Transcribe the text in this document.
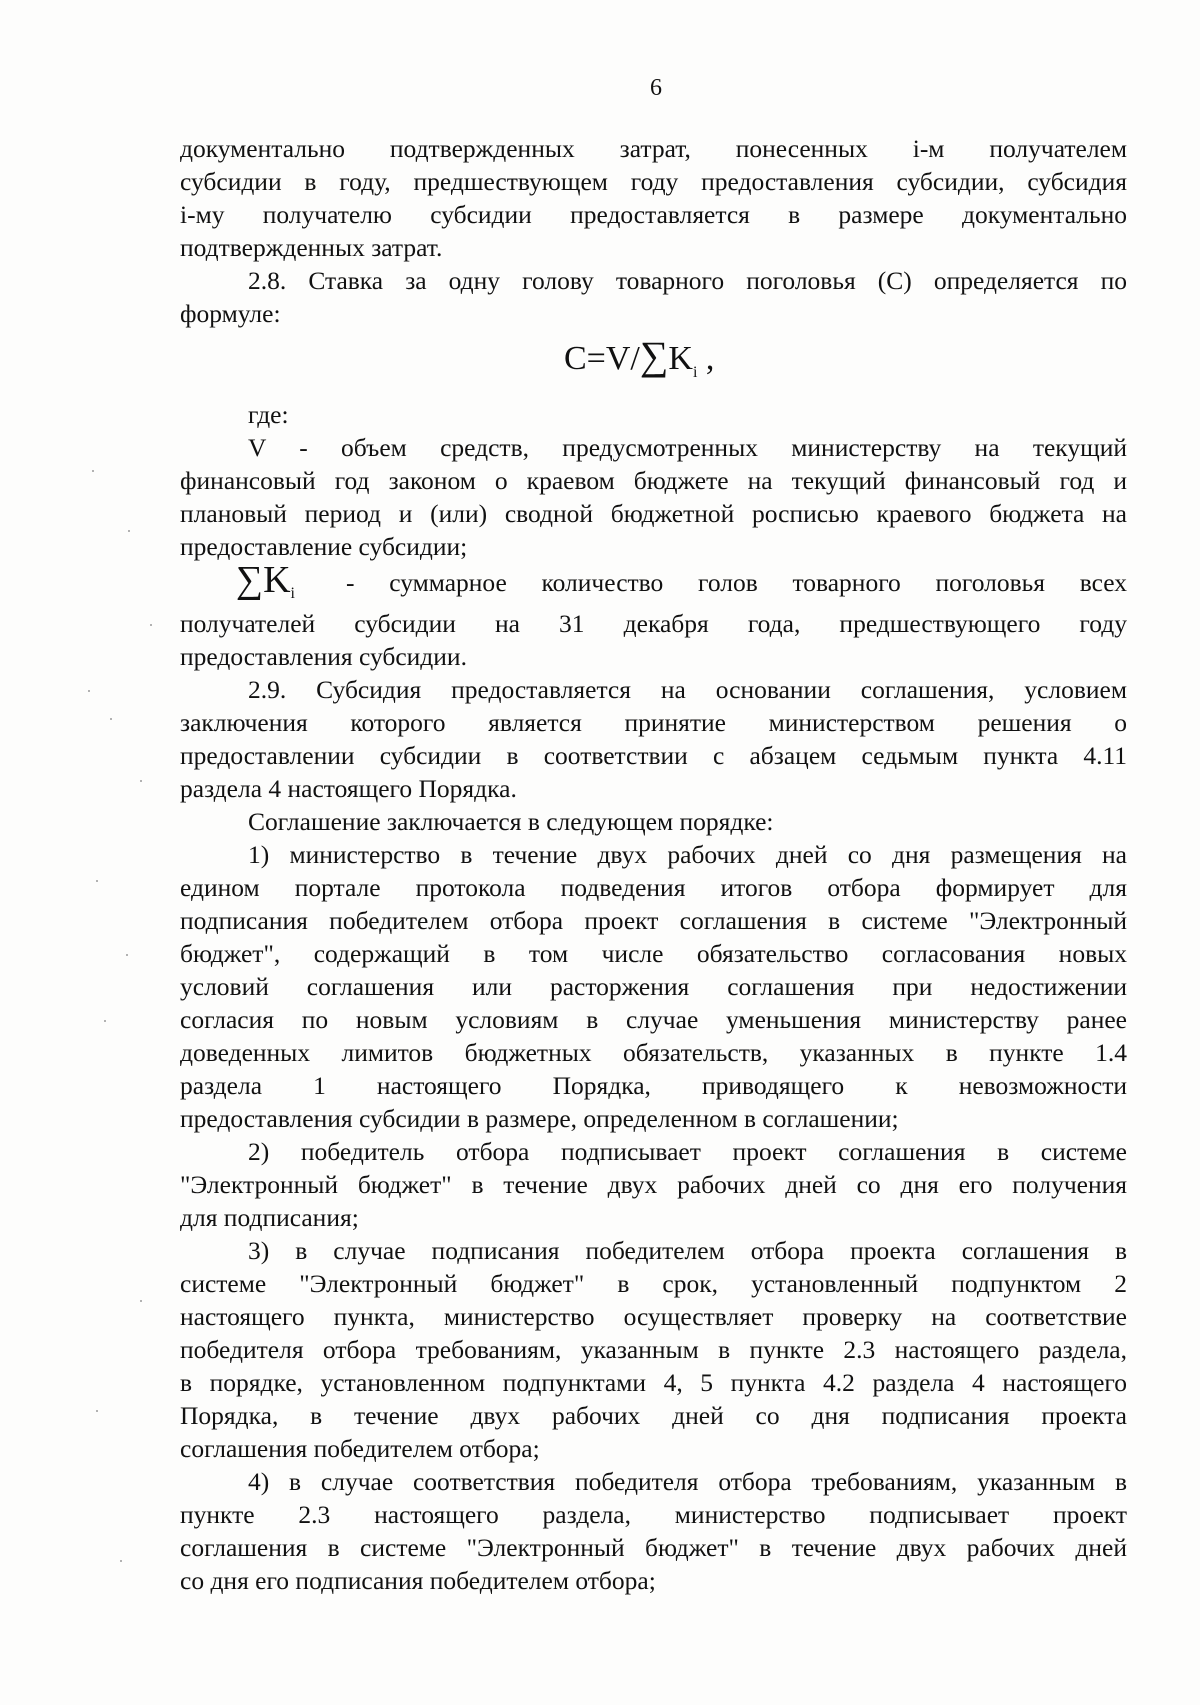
6
документально подтвержденных затрат, понесенных i-м получателем
субсидии в году, предшествующем году предоставления субсидии, субсидия
i-му получателю субсидии предоставляется в размере документально
подтвержденных затрат.
2.8. Ставка за одну голову товарного поголовья (С) определяется по
формуле:
$C=V/\sum K_i$ ,
где:
V - объем средств, предусмотренных министерству на текущий
финансовый год законом о краевом бюджете на текущий финансовый год и
плановый период и (или) сводной бюджетной росписью краевого бюджета на
предоставление субсидии;
$\sum K_i$ - суммарное количество голов товарного поголовья всех
получателей субсидии на 31 декабря года, предшествующего году
предоставления субсидии.
2.9. Субсидия предоставляется на основании соглашения, условием
заключения которого является принятие министерством решения о
предоставлении субсидии в соответствии с абзацем седьмым пункта 4.11
раздела 4 настоящего Порядка.
Соглашение заключается в следующем порядке:
1) министерство в течение двух рабочих дней со дня размещения на
едином портале протокола подведения итогов отбора формирует для
подписания победителем отбора проект соглашения в системе "Электронный
бюджет", содержащий в том числе обязательство согласования новых
условий соглашения или расторжения соглашения при недостижении
согласия по новым условиям в случае уменьшения министерству ранее
доведенных лимитов бюджетных обязательств, указанных в пункте 1.4
раздела 1 настоящего Порядка, приводящего к невозможности
предоставления субсидии в размере, определенном в соглашении;
2) победитель отбора подписывает проект соглашения в системе
"Электронный бюджет" в течение двух рабочих дней со дня его получения
для подписания;
3) в случае подписания победителем отбора проекта соглашения в
системе "Электронный бюджет" в срок, установленный подпунктом 2
настоящего пункта, министерство осуществляет проверку на соответствие
победителя отбора требованиям, указанным в пункте 2.3 настоящего раздела,
в порядке, установленном подпунктами 4, 5 пункта 4.2 раздела 4 настоящего
Порядка, в течение двух рабочих дней со дня подписания проекта
соглашения победителем отбора;
4) в случае соответствия победителя отбора требованиям, указанным в
пункте 2.3 настоящего раздела, министерство подписывает проект
соглашения в системе "Электронный бюджет" в течение двух рабочих дней
со дня его подписания победителем отбора;
